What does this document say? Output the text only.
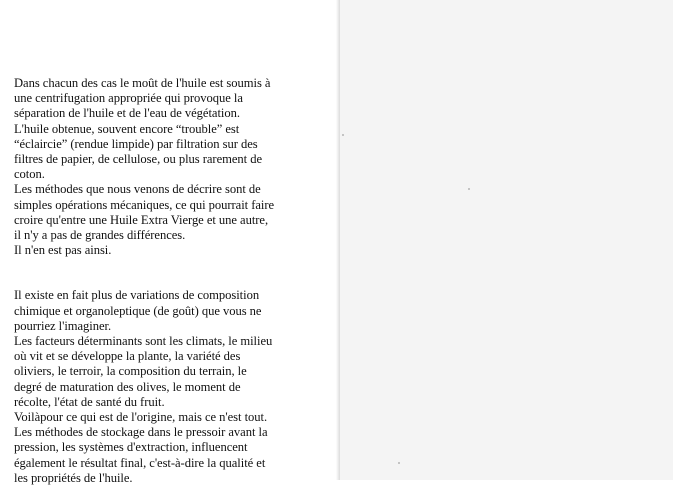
Dans chacun des cas le moût de l'huile est soumis à
une centrifugation appropriée qui provoque la
séparation de l'huile et de l'eau de végétation.
L'huile obtenue, souvent encore “trouble” est
“éclaircie” (rendue limpide) par filtration sur des
filtres de papier, de cellulose, ou plus rarement de
coton.
Les méthodes que nous venons de décrire sont de
simples opérations mécaniques, ce qui pourrait faire
croire qu'entre une Huile Extra Vierge et une autre,
il n'y a pas de grandes différences.
Il n'en est pas ainsi.
Il existe en fait plus de variations de composition
chimique et organoleptique (de goût) que vous ne
pourriez l'imaginer.
Les facteurs déterminants sont les climats, le milieu
où vit et se développe la plante, la variété des
oliviers, le terroir, la composition du terrain, le
degré de maturation des olives, le moment de
récolte, l'état de santé du fruit.
Voilàpour ce qui est de l'origine, mais ce n'est tout.
Les méthodes de stockage dans le pressoir avant la
pression, les systèmes d'extraction, influencent
également le résultat final, c'est-à-dire la qualité et
les propriétés de l'huile.
